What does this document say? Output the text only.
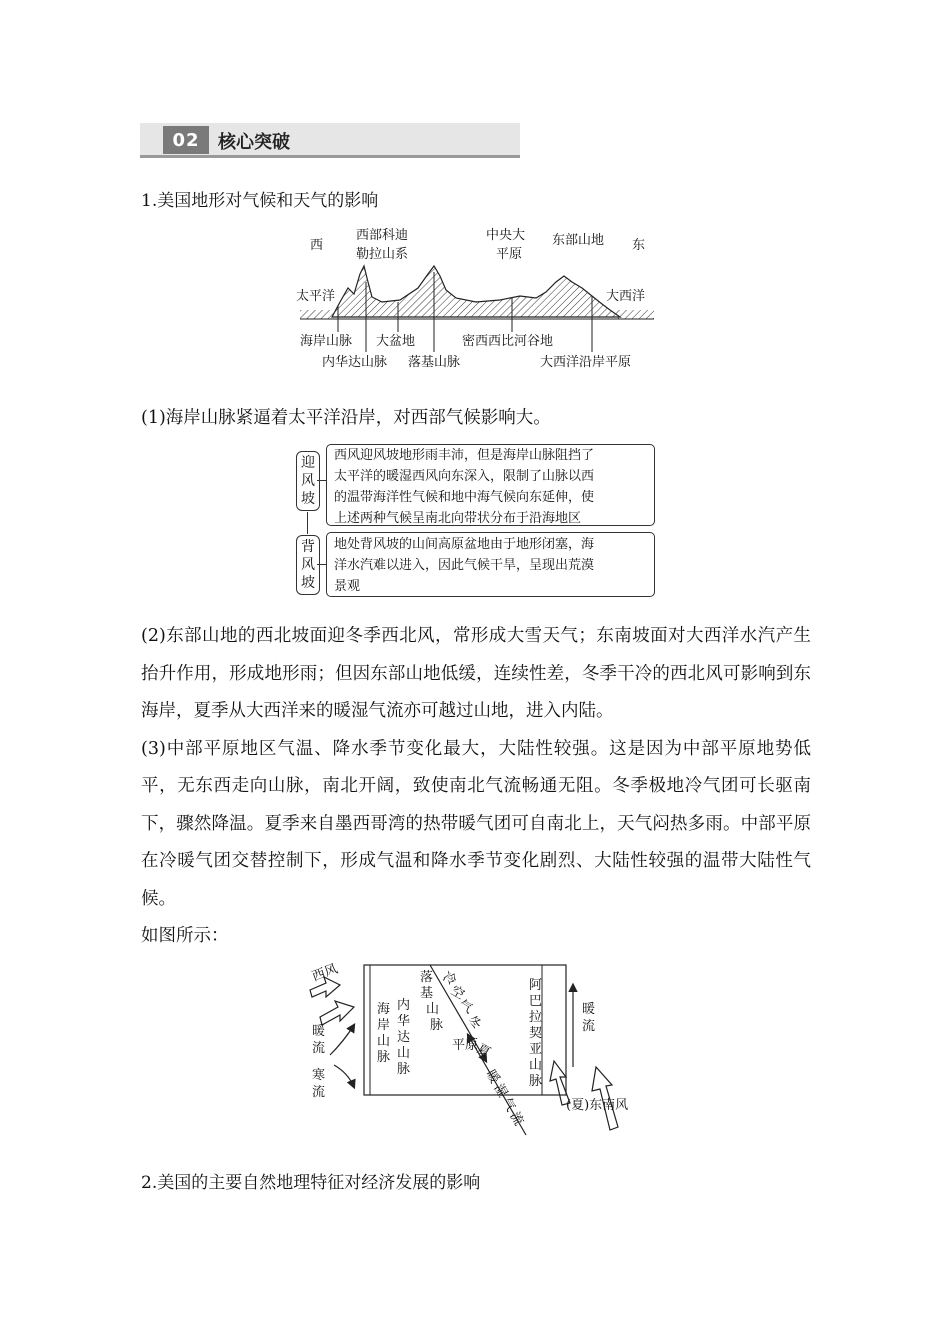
02	核心突破
1.美国地形对气候和天气的影响
西
西部科迪
勒拉山系
中央大
平原
东部山地 东
太平洋	大西洋
海岸山脉 大盆地	密西西比河谷地
内华达山脉 落基山脉	大西洋沿岸平原

(1)海岸山脉紧逼着太平洋沿岸，对西部气候影响大。

迎
风
坡
背
风
坡
西风迎风坡地形雨丰沛，但是海岸山脉阻挡了
太平洋的暖湿西风向东深入，限制了山脉以西
的温带海洋性气候和地中海气候向东延伸，使
上述两种气候呈南北向带状分布于沿海地区
地处背风坡的山间高原盆地由于地形闭塞，海
洋水汽难以进入，因此气候干旱，呈现出荒漠
景观

(2)东部山地的西北坡面迎冬季西北风，常形成大雪天气；东南坡面对大西洋水汽产生抬升作用，形成地形雨；但因东部山地低缓，连续性差，冬季干冷的西北风可影响到东海岸，夏季从大西洋来的暖湿气流亦可越过山地，进入内陆。

(3)中部平原地区气温、降水季节变化最大，大陆性较强。这是因为中部平原地势低平，无东西走向山脉，南北开阔，致使南北气流畅通无阻。冬季极地冷气团可长驱南下，骤然降温。夏季来自墨西哥湾的热带暖气团可自南北上，天气闷热多雨。中部平原在冷暖气团交替控制下，形成气温和降水季节变化剧烈、大陆性较强的温带大陆性气候。

如图所示：

西风
暖
流
寒
流
海
岸
山
脉
内
华
达
山
脉
落
基
山
脉
冷
空
气
冬
平原
夏
暖
湿
气
流
阿
巴
拉
契
亚
山
脉
暖
流
(夏)东南风
2.美国的主要自然地理特征对经济发展的影响
